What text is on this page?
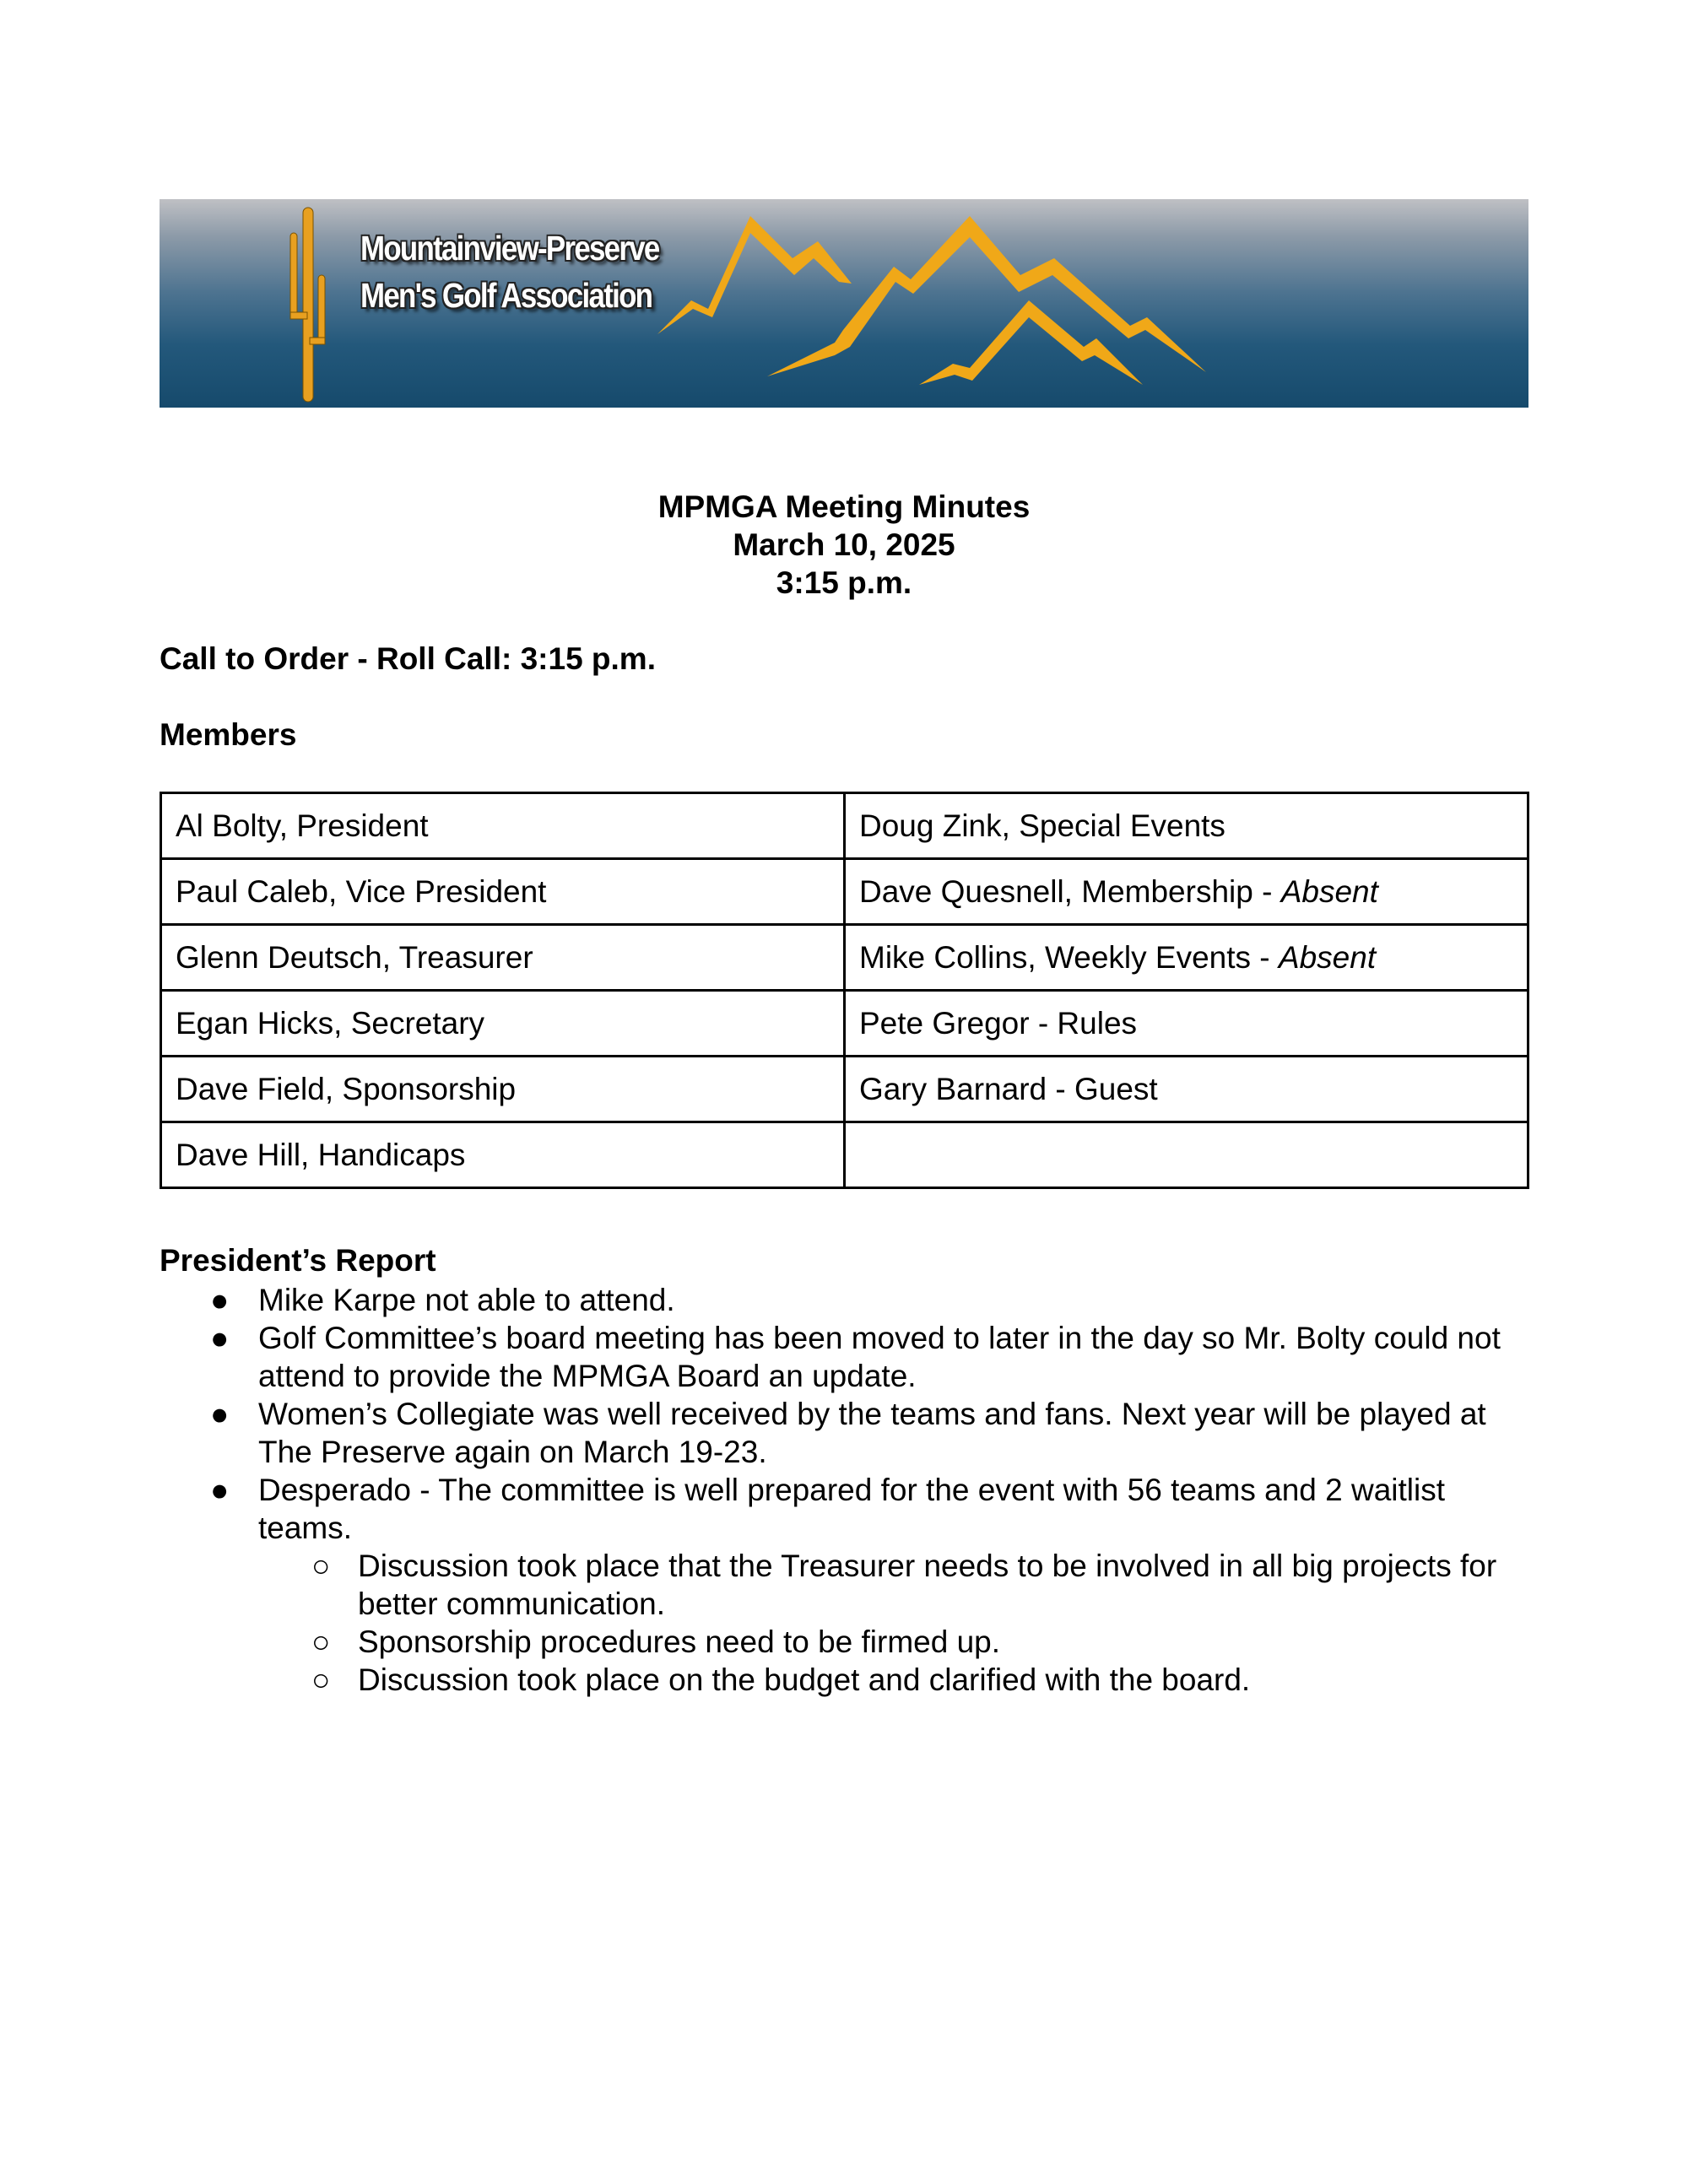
Mountainview-Preserve
Men's Golf Association
MPMGA Meeting Minutes
March 10, 2025
3:15 p.m.
Call to Order - Roll Call: 3:15 p.m.
Members
Al Bolty, President	Doug Zink, Special Events
Paul Caleb, Vice President	Dave Quesnell, Membership - Absent
Glenn Deutsch, Treasurer	Mike Collins, Weekly Events - Absent
Egan Hicks, Secretary	Pete Gregor - Rules
Dave Field, Sponsorship	Gary Barnard - Guest
Dave Hill, Handicaps	
President’s Report
● Mike Karpe not able to attend.
● Golf Committee’s board meeting has been moved to later in the day so Mr. Bolty could not attend to provide the MPMGA Board an update.
● Women’s Collegiate was well received by the teams and fans. Next year will be played at The Preserve again on March 19-23.
● Desperado - The committee is well prepared for the event with 56 teams and 2 waitlist teams.
○ Discussion took place that the Treasurer needs to be involved in all big projects for better communication.
○ Sponsorship procedures need to be firmed up.
○ Discussion took place on the budget and clarified with the board.
